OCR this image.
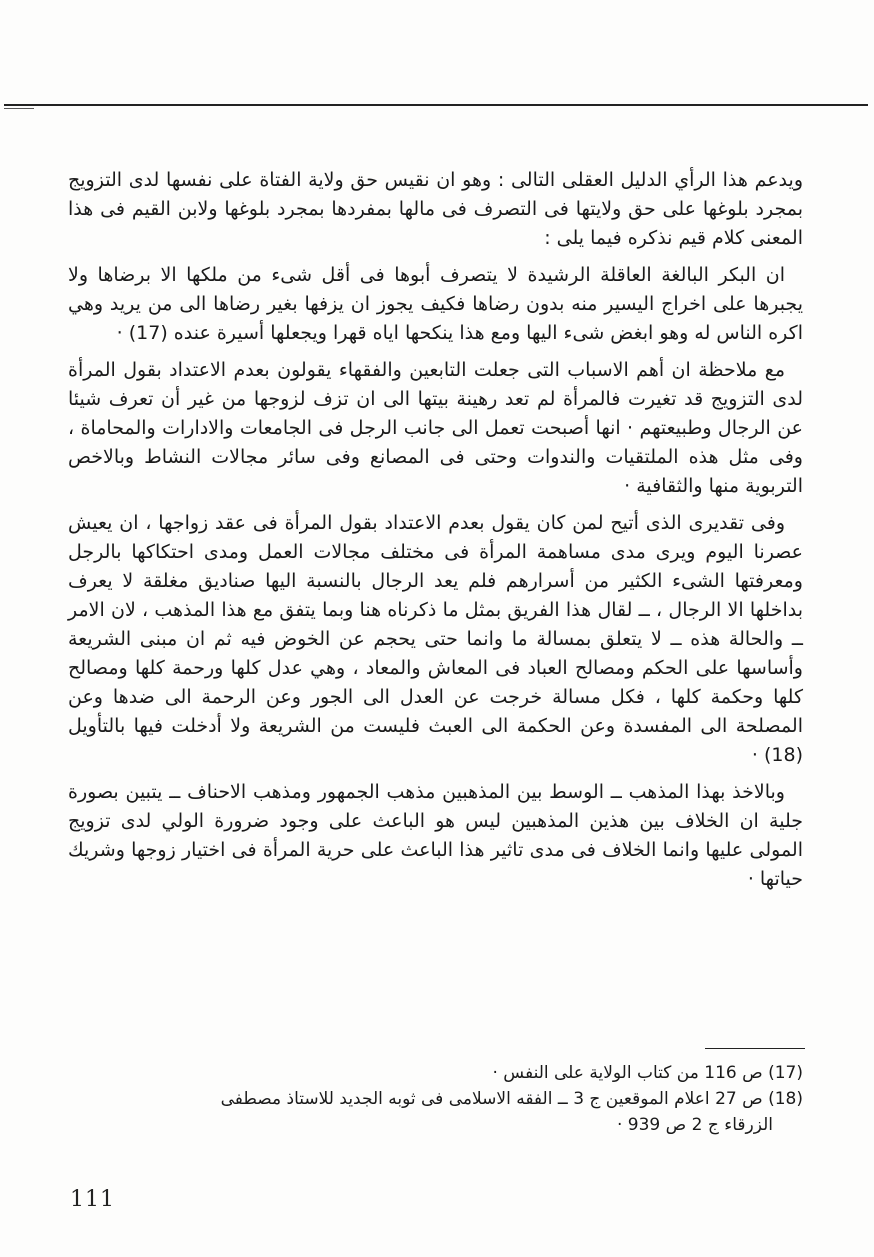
ويدعم هذا الرأي الدليل العقلى التالى : وهو ان نقيس حق ولاية الفتاة على نفسها لدى التزويج بمجرد بلوغها على حق ولايتها فى التصرف فى مالها بمفردها بمجرد بلوغها ولابن القيم فى هذا المعنى كلام قيم نذكره فيما يلى :

ان البكر البالغة العاقلة الرشيدة لا يتصرف أبوها فى أقل شىء من ملكها الا برضاها ولا يجبرها على اخراج اليسير منه بدون رضاها فكيف يجوز ان يزفها بغير رضاها الى من يريد وهي اكره الناس له وهو ابغض شىء اليها ومع هذا ينكحها اياه قهرا ويجعلها أسيرة عنده (17) ·

مع ملاحظة ان أهم الاسباب التى جعلت التابعين والفقهاء يقولون بعدم الاعتداد بقول المرأة لدى التزويج قد تغيرت فالمرأة لم تعد رهينة بيتها الى ان تزف لزوجها من غير أن تعرف شيئا عن الرجال وطبيعتهم · انها أصبحت تعمل الى جانب الرجل فى الجامعات والادارات والمحاماة ، وفى مثل هذه الملتقيات والندوات وحتى فى المصانع وفى سائر مجالات النشاط وبالاخص التربوية منها والثقافية ·

وفى تقديرى الذى أتيح لمن كان يقول بعدم الاعتداد بقول المرأة فى عقد زواجها ، ان يعيش عصرنا اليوم ويرى مدى مساهمة المرأة فى مختلف مجالات العمل ومدى احتكاكها بالرجل ومعرفتها الشىء الكثير من أسرارهم فلم يعد الرجال بالنسبة اليها صناديق مغلقة لا يعرف بداخلها الا الرجال ، ــ لقال هذا الفريق بمثل ما ذكرناه هنا وبما يتفق مع هذا المذهب ، لان الامر ــ والحالة هذه ــ لا يتعلق بمسالة ما وانما حتى يحجم عن الخوض فيه ثم ان مبنى الشريعة وأساسها على الحكم ومصالح العباد فى المعاش والمعاد ، وهي عدل كلها ورحمة كلها ومصالح كلها وحكمة كلها ، فكل مسالة خرجت عن العدل الى الجور وعن الرحمة الى ضدها وعن المصلحة الى المفسدة وعن الحكمة الى العبث فليست من الشريعة ولا أدخلت فيها بالتأويل (18) ·

وبالاخذ بهذا المذهب ــ الوسط بين المذهبين مذهب الجمهور ومذهب الاحناف ــ يتبين بصورة جلية ان الخلاف بين هذين المذهبين ليس هو الباعث على وجود ضرورة الولي لدى تزويج المولى عليها وانما الخلاف فى مدى تاثير هذا الباعث على حرية المرأة فى اختيار زوجها وشريك حياتها ·

(17) ص 116 من كتاب الولاية على النفس ·

(18) ص 27 اعلام الموقعين ج 3 ــ الفقه الاسلامى فى ثوبه الجديد للاستاذ مصطفى
الزرقاء ج 2 ص 939 ·

111
